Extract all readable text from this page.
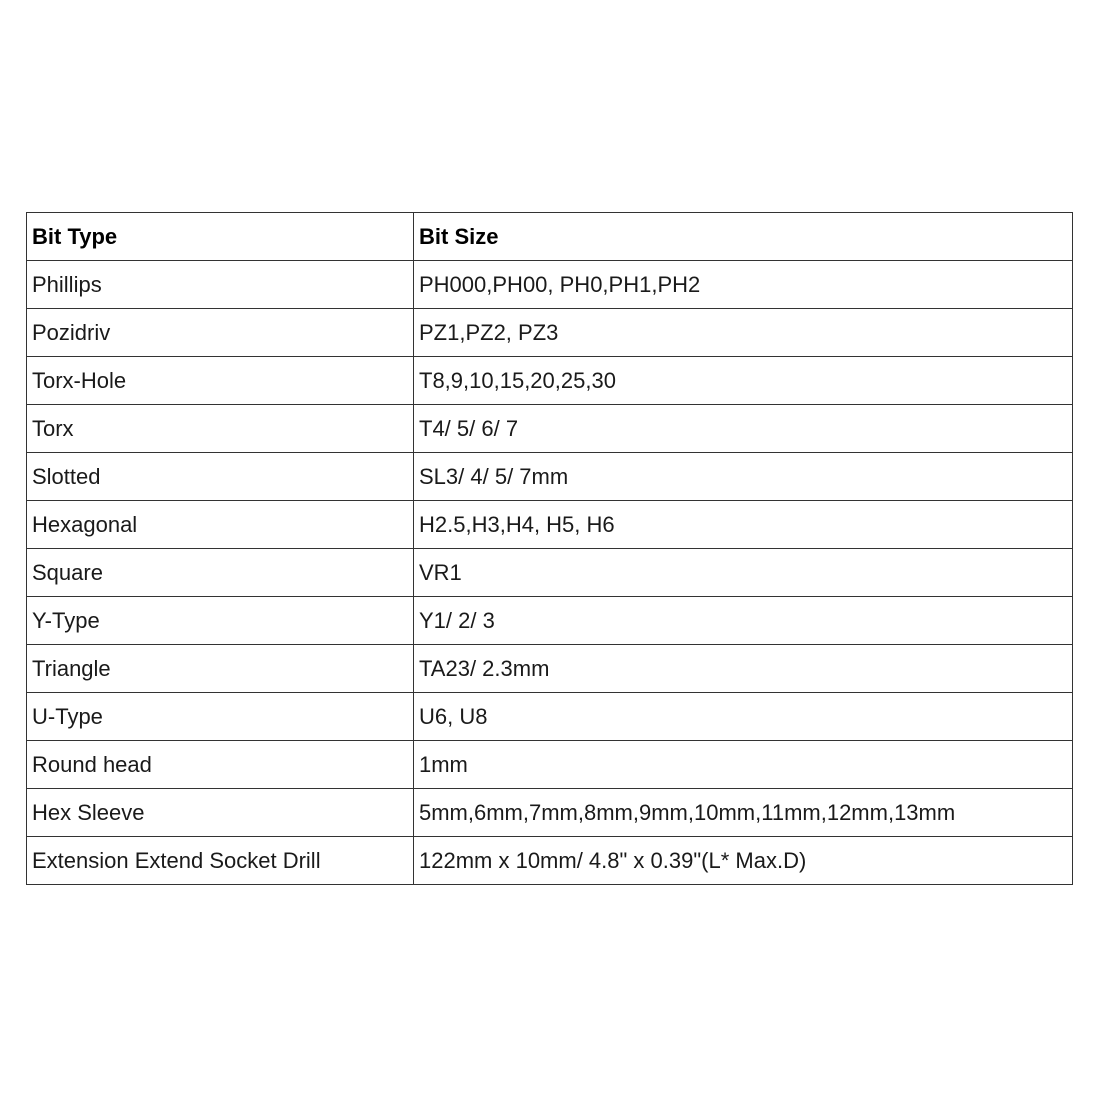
Bit Type	Bit Size
Phillips	PH000,PH00, PH0,PH1,PH2
Pozidriv	PZ1,PZ2, PZ3
Torx-Hole	T8,9,10,15,20,25,30
Torx	T4/ 5/ 6/ 7
Slotted	SL3/ 4/ 5/ 7mm
Hexagonal	H2.5,H3,H4, H5, H6
Square	VR1
Y-Type	Y1/ 2/ 3
Triangle	TA23/ 2.3mm
U-Type	U6, U8
Round head	1mm
Hex Sleeve	5mm,6mm,7mm,8mm,9mm,10mm,11mm,12mm,13mm
Extension Extend Socket Drill	122mm x 10mm/ 4.8" x 0.39"(L* Max.D)
